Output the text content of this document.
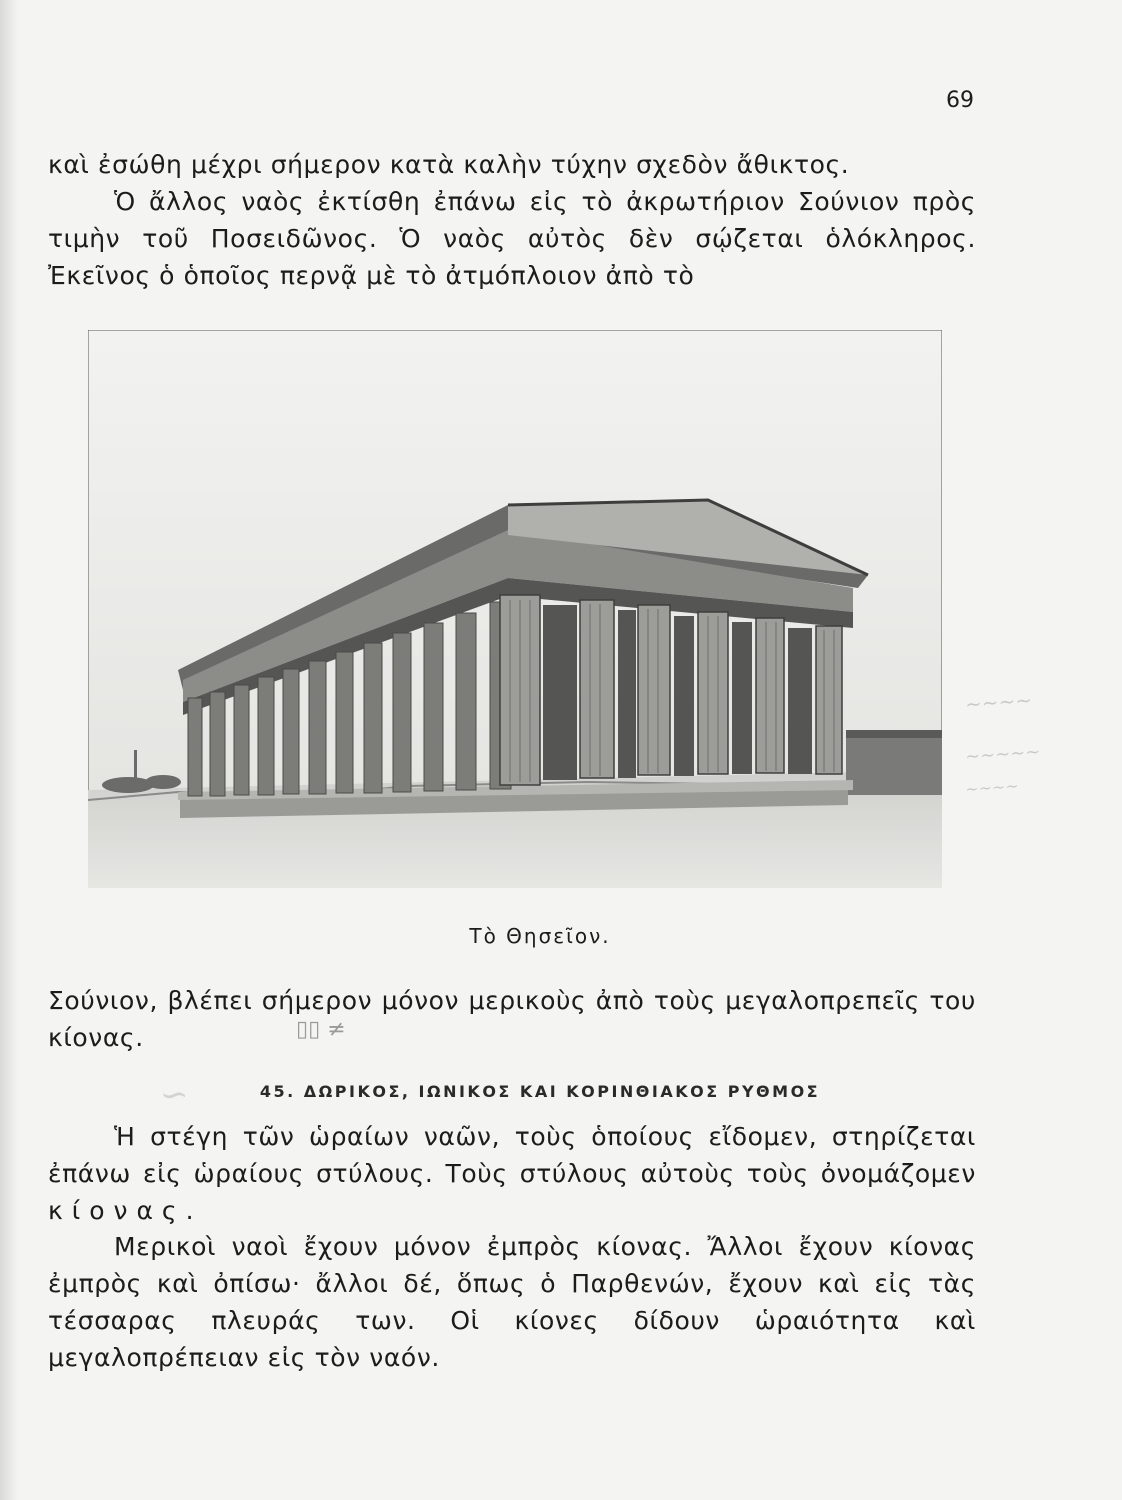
69
καὶ ἐσώθη μέχρι σήμερον κατὰ καλὴν τύχην σχεδὸν ἄθικτος.
Ὁ ἄλλος ναὸς ἐκτίσθη ἐπάνω εἰς τὸ ἀκρωτήριον Σούνιον πρὸς τιμὴν τοῦ Ποσειδῶνος. Ὁ ναὸς αὐτὸς δὲν σῴζεται ὁλόκληρος. Ἐκεῖνος ὁ ὁποῖος περνᾷ μὲ τὸ ἀτμόπλοιον ἀπὸ τὸ
Τὸ Θησεῖον.
Σούνιον, βλέπει σήμερον μόνον μερικοὺς ἀπὸ τοὺς μεγαλοπρεπεῖς του κίονας.	▯▯ ≠
45. ΔΩΡΙΚΟΣ, ΙΩΝΙΚΟΣ ΚΑΙ ΚΟΡΙΝΘΙΑΚΟΣ ΡΥΘΜΟΣ
Ἡ στέγη τῶν ὡραίων ναῶν, τοὺς ὁποίους εἴδομεν, στηρίζεται ἐπάνω εἰς ὡραίους στύλους. Τοὺς στύλους αὐτοὺς τοὺς ὀνομάζομεν κίονας.
Μερικοὶ ναοὶ ἔχουν μόνον ἐμπρὸς κίονας. Ἄλλοι ἔχουν κίονας ἐμπρὸς καὶ ὀπίσω· ἄλλοι δέ, ὅπως ὁ Παρθενών, ἔχουν καὶ εἰς τὰς τέσσαρας πλευράς των. Οἱ κίονες δίδουν ὡραιότητα καὶ μεγαλοπρέπειαν εἰς τὸν ναόν.
∼∼∼∼
∼∼∼∼∼
∼∼∼∼
∽
